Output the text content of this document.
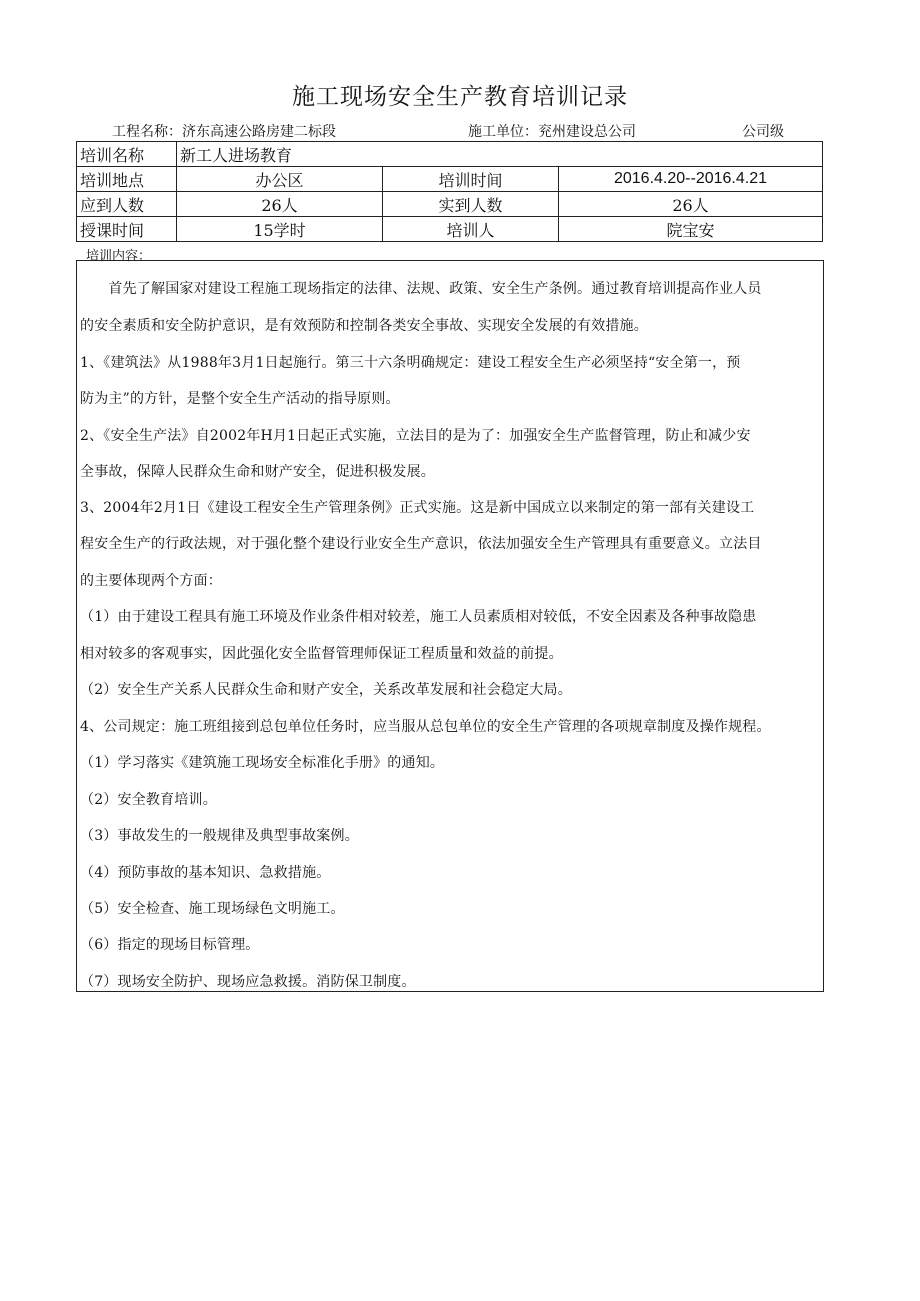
施工现场安全生产教育培训记录
工程名称：济东高速公路房建二标段	施工单位：兖州建设总公司	公司级
培训名称	新工人进场教育		
培训地点	办公区	培训时间	2016.4.20--2016.4.21
应到人数	26人	实到人数	26人
授课时间	15学时	培训人	院宝安
培训内容：
　　首先了解国家对建设工程施工现场指定的法律、法规、政策、安全生产条例。通过教育培训提高作业人员
的安全素质和安全防护意识，是有效预防和控制各类安全事故、实现安全发展的有效措施。
1、《建筑法》从1988年3月1日起施行。第三十六条明确规定：建设工程安全生产必须坚持“安全第一，预
防为主”的方针，是整个安全生产活动的指导原则。
2、《安全生产法》自2002年H月1日起正式实施，立法目的是为了：加强安全生产监督管理，防止和减少安
全事故，保障人民群众生命和财产安全，促进积极发展。
3、2004年2月1日《建设工程安全生产管理条例》正式实施。这是新中国成立以来制定的第一部有关建设工
程安全生产的行政法规，对于强化整个建设行业安全生产意识，依法加强安全生产管理具有重要意义。立法目
的主要体现两个方面：
（1）由于建设工程具有施工环境及作业条件相对较差，施工人员素质相对较低，不安全因素及各种事故隐患
相对较多的客观事实，因此强化安全监督管理师保证工程质量和效益的前提。
（2）安全生产关系人民群众生命和财产安全，关系改革发展和社会稳定大局。
4、公司规定：施工班组接到总包单位任务时，应当服从总包单位的安全生产管理的各项规章制度及操作规程。
（1）学习落实《建筑施工现场安全标准化手册》的通知。
（2）安全教育培训。
（3）事故发生的一般规律及典型事故案例。
（4）预防事故的基本知识、急救措施。
（5）安全检查、施工现场绿色文明施工。
（6）指定的现场目标管理。
（7）现场安全防护、现场应急救援。消防保卫制度。
